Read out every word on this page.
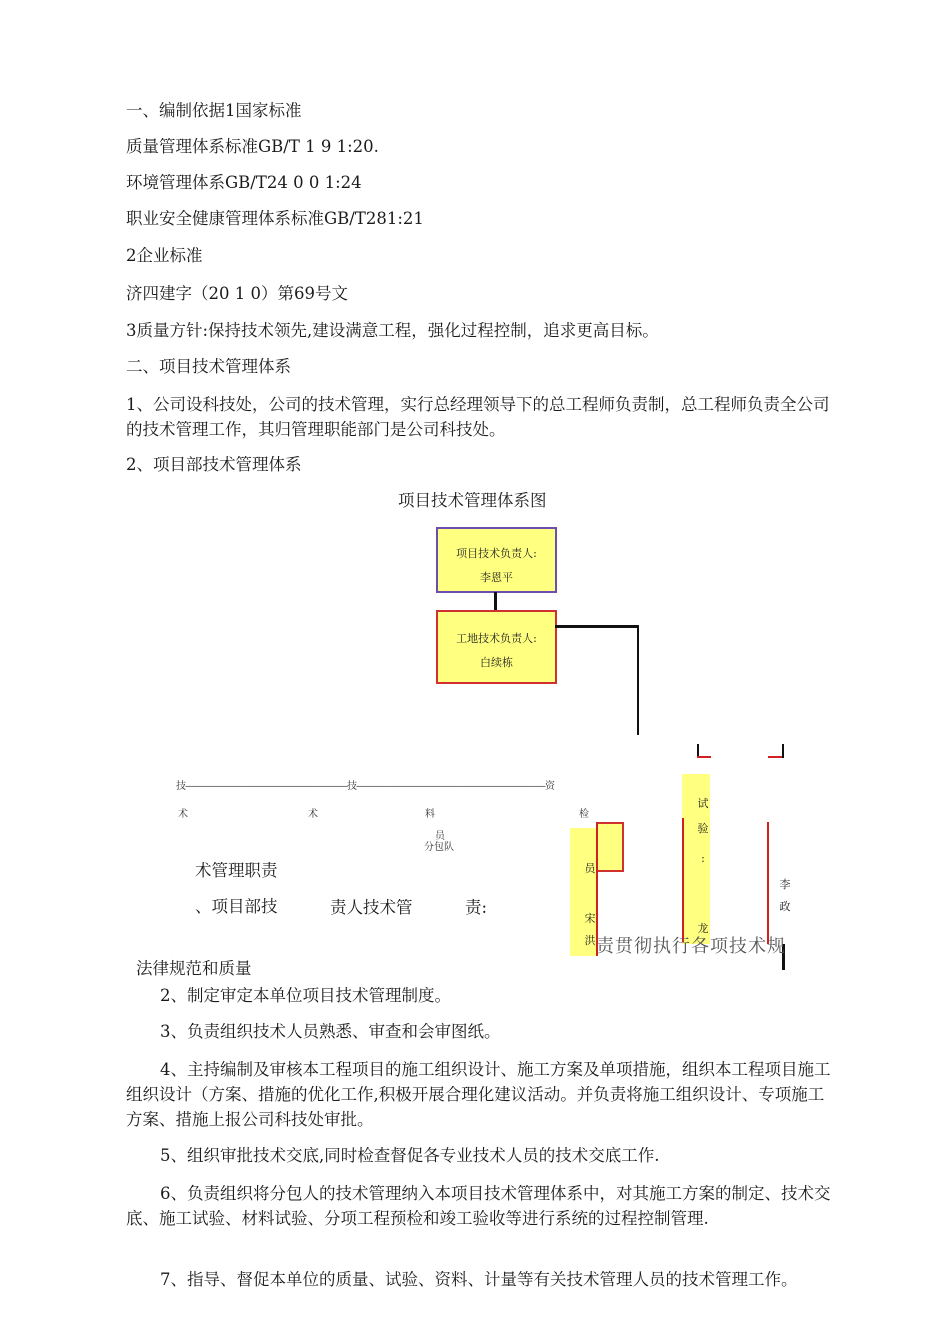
一、编制依据1国家标准
质量管理体系标准GB/T 1 9 1:20.
环境管理体系GB/T24 0 0 1:24
职业安全健康管理体系标准GB/T281:21
2企业标准
济四建字（20 1 0）第69号文
3质量方针:保持技术领先,建设满意工程，强化过程控制，追求更高目标。
二、项目技术管理体系
1、公司设科技处，公司的技术管理，实行总经理领导下的总工程师负责制，总工程师负责全公司的技术管理工作，其归管理职能部门是公司科技处。
2、项目部技术管理体系
项目技术管理体系图
项目技术负责人:
李恩平
工地技术负责人:
白续栋
技——————————————————技—————————————————————资
术	术	料	检
员
分包队
员
宋
洪
试
验
:
龙
李
政
术管理职责
、项目部技	责人技术管	责:
责贯彻执行各项技术规
法律规范和质量
2、制定审定本单位项目技术管理制度。
3、负责组织技术人员熟悉、审查和会审图纸。
4、主持编制及审核本工程项目的施工组织设计、施工方案及单项措施，组织本工程项目施工组织设计（方案、措施的优化工作,积极开展合理化建议活动。并负责将施工组织设计、专项施工方案、措施上报公司科技处审批。
5、组织审批技术交底,同时检查督促各专业技术人员的技术交底工作.
6、负责组织将分包人的技术管理纳入本项目技术管理体系中，对其施工方案的制定、技术交底、施工试验、材料试验、分项工程预检和竣工验收等进行系统的过程控制管理.
7、指导、督促本单位的质量、试验、资料、计量等有关技术管理人员的技术管理工作。
